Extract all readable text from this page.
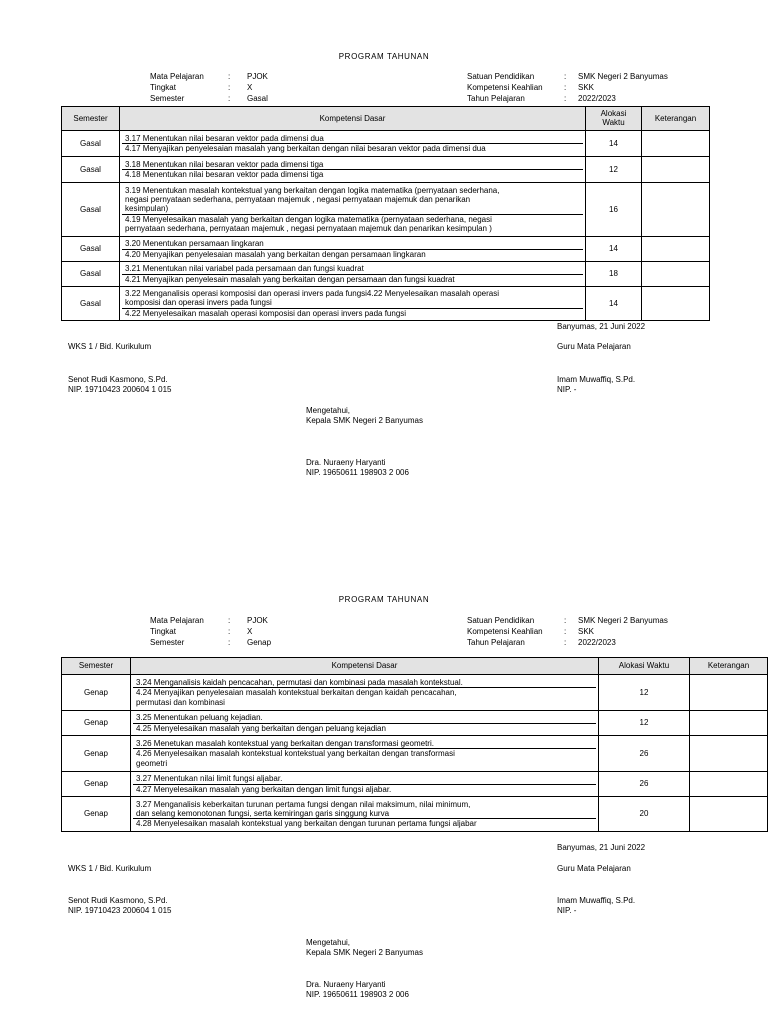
PROGRAM TAHUNAN
Mata Pelajaran	: PJOK	Satuan Pendidikan	: SMK Negeri 2 Banyumas
Tingkat	: X	Kompetensi Keahlian	: SKK
Semester	: Gasal	Tahun Pelajaran	: 2022/2023
Semester	Kompetensi Dasar	Alokasi
Waktu	Keterangan
Gasal	
3.17 Menentukan nilai besaran vektor pada dimensi dua
4.17 Menyajikan penyelesaian masalah yang berkaitan dengan nilai besaran vektor pada dimensi dua
	14	
Gasal	
3.18 Menentukan nilai besaran vektor pada dimensi tiga
4.18 Menentukan nilai besaran vektor pada dimensi tiga
	12	
Gasal	
3.19 Menentukan masalah kontekstual yang berkaitan dengan logika matematika (pernyataan sederhana,
negasi pernyataan sederhana, pernyataan majemuk , negasi pernyataan majemuk dan penarikan
kesimpulan)
4.19 Menyelesaikan masalah yang berkaitan dengan logika matematika (pernyataan sederhana, negasi
pernyataan sederhana, pernyataan majemuk , negasi pernyataan majemuk dan penarikan kesimpulan )
	16	
Gasal	
3.20 Menentukan persamaan lingkaran
4.20 Menyajikan penyelesaian masalah yang berkaitan dengan persamaan lingkaran
	14	
Gasal	
3.21 Menentukan nilai variabel pada persamaan dan fungsi kuadrat
4.21 Menyajikan penyelesain masalah yang berkaitan dengan persamaan dan fungsi kuadrat
	18	
Gasal	
3.22 Menganalisis operasi komposisi dan operasi invers pada fungsi4.22 Menyelesaikan masalah operasi
komposisi dan operasi invers pada fungsi
4.22 Menyelesaikan masalah operasi komposisi dan operasi invers pada fungsi
	14	
Banyumas, 21 Juni 2022
WKS 1 / Bid. Kurikulum	Guru Mata Pelajaran
Senot Rudi Kasmono, S.Pd.
NIP. 19710423 200604 1 015
Imam Muwaffiq, S.Pd.
NIP. -
Mengetahui,
Kepala SMK Negeri 2 Banyumas
Dra. Nuraeny Haryanti
NIP. 19650611 198903 2 006
PROGRAM TAHUNAN
Mata Pelajaran	: PJOK	Satuan Pendidikan	: SMK Negeri 2 Banyumas
Tingkat	: X	Kompetensi Keahlian	: SKK
Semester	: Genap	Tahun Pelajaran	: 2022/2023
Semester	Kompetensi Dasar	Alokasi Waktu	Keterangan
Genap	
3.24 Menganalisis kaidah pencacahan, permutasi dan kombinasi pada masalah kontekstual.
4.24 Menyajikan penyelesaian masalah kontekstual berkaitan dengan kaidah pencacahan,
permutasi dan kombinasi
	12	
Genap	
3.25 Menentukan peluang kejadian.
4.25 Menyelesaikan masalah yang berkaitan dengan peluang kejadian
	12	
Genap	
3.26 Menetukan masalah kontekstual yang berkaitan dengan transformasi geometri.
4.26 Menyelesaikan masalah kontekstual kontekstual yang berkaitan dengan transformasi
geometri
	26	
Genap	
3.27 Menentukan nilai limit fungsi aljabar.
4.27 Menyelesaikan masalah yang berkaitan dengan limit fungsi aljabar.
	26	
Genap	
3.27 Menganalisis keberkaitan turunan pertama fungsi dengan nilai maksimum, nilai minimum,
dan selang kemonotonan fungsi, serta kemiringan garis singgung kurva
4.28 Menyelesaikan masalah kontekstual yang berkaitan dengan turunan pertama fungsi aljabar
	20	
Banyumas, 21 Juni 2022
WKS 1 / Bid. Kurikulum	Guru Mata Pelajaran
Senot Rudi Kasmono, S.Pd.
NIP. 19710423 200604 1 015
Imam Muwaffiq, S.Pd.
NIP. -
Mengetahui,
Kepala SMK Negeri 2 Banyumas
Dra. Nuraeny Haryanti
NIP. 19650611 198903 2 006
